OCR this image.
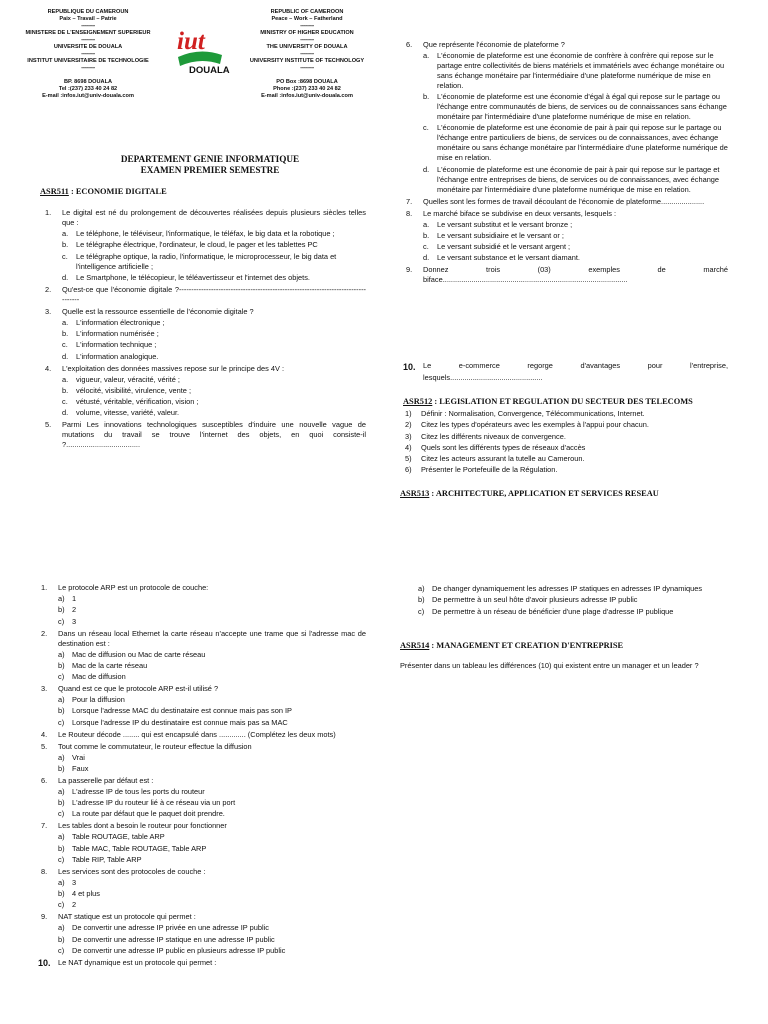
REPUBLIQUE DU CAMEROUN
Paix – Travail – Patrie
----------
MINISTERE DE L'ENSEIGNEMENT SUPERIEUR
----------
UNIVERSITE DE DOUALA
----------
INSTITUT UNIVERSITAIRE DE TECHNOLOGIE
----------
BP. 8698 DOUALA
Tel :(237) 233 40 24 82
E-mail :infos.iut@univ-douala.com
iut
DOUALA
REPUBLIC OF CAMEROON
Peace – Work – Fatherland
----------
MINISTRY OF HIGHER EDUCATION
----------
THE UNIVERSITY OF DOUALA
----------
UNIVERSITY INSTITUTE OF TECHNOLOGY
----------
PO Box :8698 DOUALA
Phone :(237) 233 40 24 82
E-mail :infos.iut@univ-douala.com
DEPARTEMENT GENIE INFORMATIQUE
EXAMEN PREMIER SEMESTRE
ASR511 : ECONOMIE DIGITALE
1. Le digital est né du prolongement de découvertes réalisées depuis plusieurs siècles telles que :
a. Le téléphone, le téléviseur, l'informatique, le téléfax, le big data et la robotique ;
b. Le télégraphe électrique, l'ordinateur, le cloud, le pager et les tablettes PC
c. Le télégraphe optique, la radio, l'informatique, le microprocesseur, le big data et l'intelligence artificielle ;
d. Le Smartphone, le télécopieur, le téléavertisseur et l'internet des objets.
2. Qu'est-ce que l'économie digitale ?-----------------------------------------------------------------------------------
3. Quelle est la ressource essentielle de l'économie digitale ?
a. L'information électronique ;
b. L'information numérisée ;
c. L'information technique ;
d. L'information analogique.
4. L'exploitation des données massives repose sur le principe des 4V :
a. vigueur, valeur, véracité, vérité ;
b. vélocité, visibilité, virulence, vente ;
c. vétusté, véritable, vérification, vision ;
d. volume, vitesse, variété, valeur.
5. Parmi Les innovations technologiques susceptibles d'induire une nouvelle vague de mutations du travail se trouve l'internet des objets, en quoi consiste-il ?....................................
6. Que représente l'économie de plateforme ?
a. L'économie de plateforme est une économie de confrère à confrère qui repose sur le partage entre collectivités de biens matériels et immatériels avec échange monétaire ou sans échange monétaire par l'intermédiaire d'une plateforme numérique de mise en relation.
b. L'économie de plateforme est une économie d'égal à égal qui repose sur le partage ou l'échange entre communautés de biens, de services ou de connaissances sans échange monétaire par l'intermédiaire d'une plateforme numérique de mise en relation.
c. L'économie de plateforme est une économie de pair à pair qui repose sur le partage ou l'échange entre particuliers de biens, de services ou de connaissances, avec échange monétaire ou sans échange monétaire par l'intermédiaire d'une plateforme numérique de mise en relation.
d. L'économie de plateforme est une économie de pair à pair qui repose sur le partage et l'échange entre entreprises de biens, de services ou de connaissances, avec échange monétaire par l'intermédiaire d'une plateforme numérique de mise en relation.
7. Quelles sont les formes de travail découlant de l'économie de plateforme.....................
8. Le marché biface se subdivise en deux versants, lesquels :
a. Le versant substitut et le versant bronze ;
b. Le versant subsidiaire et le versant or ;
c. Le versant subsidié et le versant argent ;
d. Le versant substance et le versant diamant.
9. Donnez trois (03) exemples de marché biface..........................................................................................
10.	Le e-commerce regorge d'avantages pour l'entreprise,
lesquels.............................................
ASR512 : LEGISLATION ET REGULATION DU SECTEUR DES TELECOMS
1) Définir : Normalisation, Convergence, Télécommunications, Internet.
2) Citez les types d'opérateurs avec les exemples à l'appui pour chacun.
3) Citez les différents niveaux de convergence.
4) Quels sont les différents types de réseaux d'accès
5) Citez les acteurs assurant la tutelle au Cameroun.
6) Présenter le Portefeuille de la Régulation.
ASR513 : ARCHITECTURE, APPLICATION ET SERVICES RESEAU
1. Le protocole ARP est un protocole de couche:
a) 1
b) 2
c) 3
2. Dans un réseau local Ethernet la carte réseau n'accepte une trame que si l'adresse mac de destination est :
a) Mac de diffusion ou Mac de carte réseau
b) Mac de la carte réseau
c) Mac de diffusion
3. Quand est ce que le protocole ARP est-il utilisé ?
a) Pour la diffusion
b) Lorsque l'adresse MAC du destinataire est connue mais pas son IP
c) Lorsque l'adresse IP du destinataire est connue mais pas sa MAC
4. Le Routeur décode ........ qui est encapsulé dans ............. (Complétez les deux mots)
5. Tout comme le commutateur, le routeur effectue la diffusion
a) Vrai
b) Faux
6. La passerelle par défaut est :
a) L'adresse IP de tous les ports du routeur
b) L'adresse IP du routeur lié à ce réseau via un port
c) La route par défaut que le paquet doit prendre.
7. Les tables dont a besoin le routeur pour fonctionner
a) Table ROUTAGE, table ARP
b) Table MAC, Table ROUTAGE, Table ARP
c) Table RIP, Table ARP
8. Les services sont des protocoles de couche :
a) 3
b) 4 et plus
c) 2
9. NAT statique est un protocole qui permet :
a) De convertir une adresse IP privée en une adresse IP public
b) De convertir une adresse IP statique en une adresse IP public
c) De convertir une adresse IP public en plusieurs adresse IP public
10. Le NAT dynamique est un protocole qui permet :
a) De changer dynamiquement les adresses IP statiques en adresses IP dynamiques
b) De permettre à un seul hôte d'avoir plusieurs adresse IP public
c) De permettre à un réseau de bénéficier d'une plage d'adresse IP publique
ASR514 : MANAGEMENT ET CREATION D'ENTREPRISE
Présenter dans un tableau les différences (10) qui existent entre un manager et un leader ?
